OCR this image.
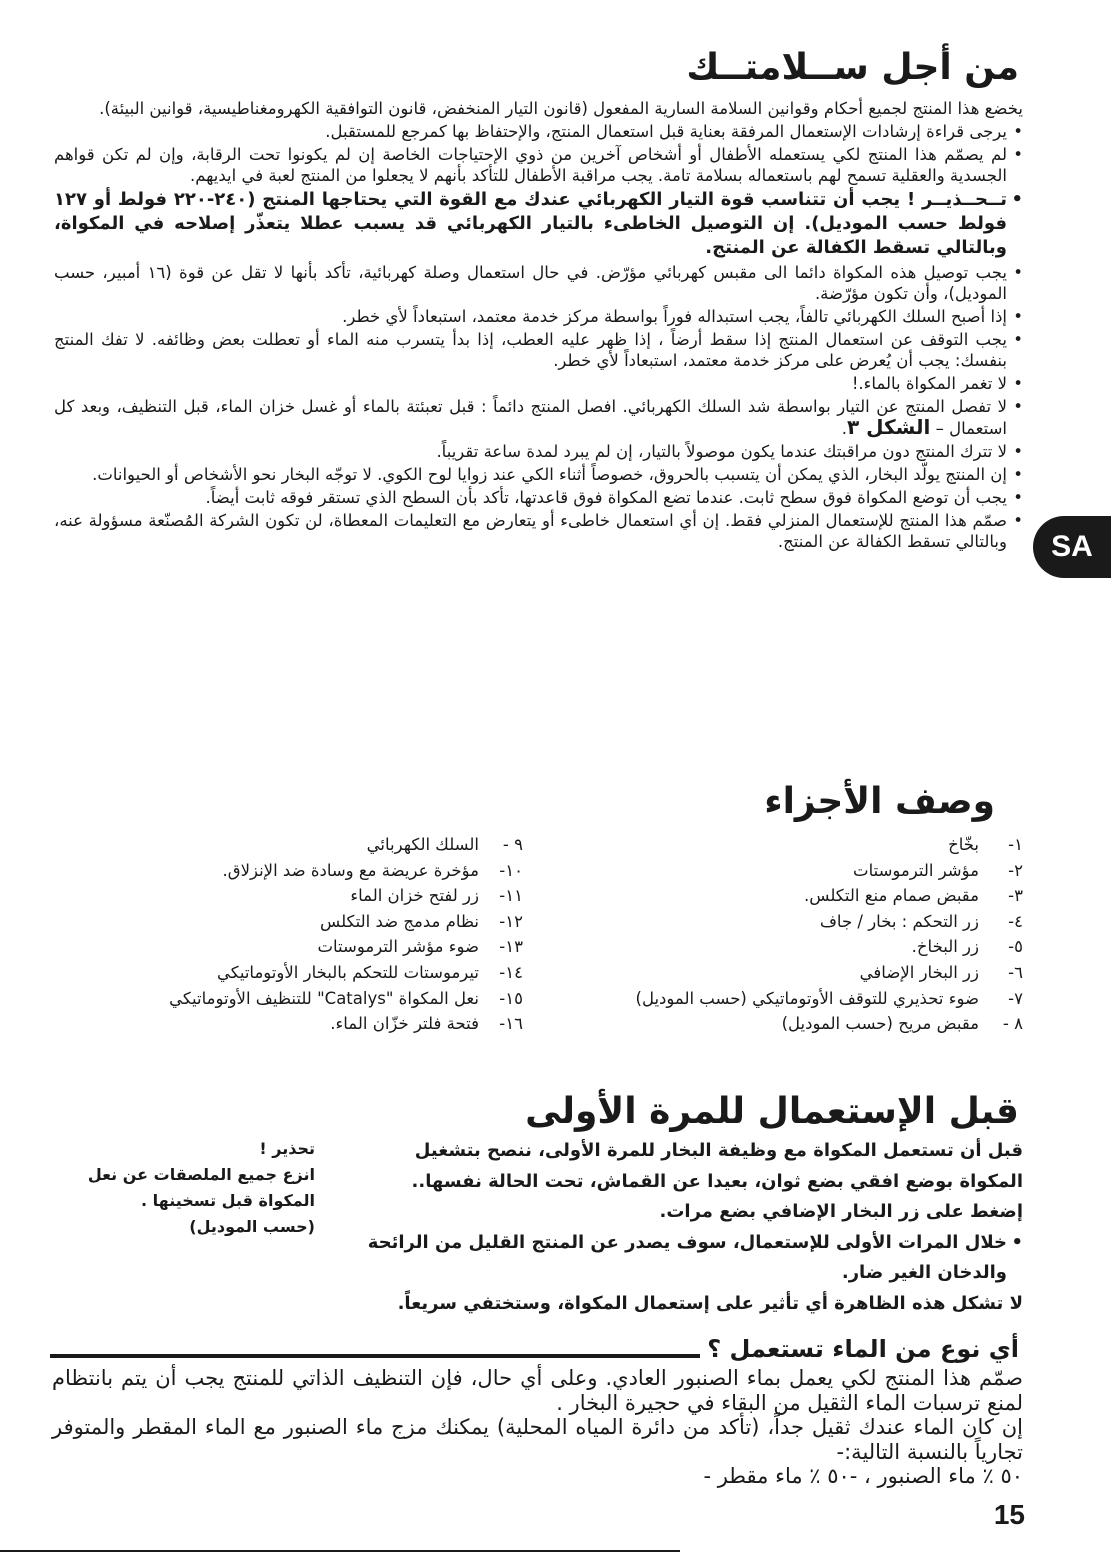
من أجل ســلامتــك

يخضع هذا المنتج لجميع أحكام وقوانين السلامة السارية المفعول (قانون التيار المنخفض، قانون التوافقية الكهرومغناطيسية، قوانين البيئة).

• يرجى قراءة إرشادات الإستعمال المرفقة بعناية قبل استعمال المنتج، والإحتفاظ بها كمرجع للمستقبل.

• لم يصمّم هذا المنتج لكي يستعمله الأطفال أو أشخاص آخرين من ذوي الإحتياجات الخاصة إن لم يكونوا تحت الرقابة، وإن لم تكن قواهم الجسدية والعقلية تسمح لهم باستعماله بسلامة تامة. يجب مراقبة الأطفال للتأكد بأنهم لا يجعلوا من المنتج لعبة في ايديهم.

• تــحــذيــر ! يجب أن تتناسب قوة التيار الكهربائي عندك مع القوة التي يحتاجها المنتج (٢٤٠-٢٢٠ فولط أو ١٢٧ فولط حسب الموديل). إن التوصيل الخاطىء بالتيار الكهربائي قد يسبب عطلا يتعذّر إصلاحه في المكواة، وبالتالي تسقط الكفالة عن المنتج.

• يجب توصيل هذه المكواة دائما الى مقبس كهربائي مؤرّض. في حال استعمال وصلة كهربائية، تأكد بأنها لا تقل عن قوة (١٦ أمبير، حسب الموديل)، وأن تكون مؤرّضة.

• إذا أصبح السلك الكهربائي تالفاً، يجب استبداله فوراً بواسطة مركز خدمة معتمد، استبعاداً لأي خطر.

• يجب التوقف عن استعمال المنتج إذا سقط أرضاً ، إذا ظهر عليه العطب، إذا بدأ يتسرب منه الماء أو تعطلت بعض وظائفه. لا تفك المنتج بنفسك: يجب أن يُعرض على مركز خدمة معتمد، استبعاداً لأي خطر.

• لا تغمر المكواة بالماء.!

• لا تفصل المنتج عن التيار بواسطة شد السلك الكهربائي. افصل المنتج دائماً : قبل تعبئتة بالماء أو غسل خزان الماء، قبل التنظيف، وبعد كل استعمال – الشكل ٣.

• لا تترك المنتج دون مراقبتك عندما يكون موصولاً بالتيار، إن لم يبرد لمدة ساعة تقريباً.

• إن المنتج يولّد البخار، الذي يمكن أن يتسبب بالحروق، خصوصاً أثناء الكي عند زوايا لوح الكوي. لا توجّه البخار نحو الأشخاص أو الحيوانات.

• يجب أن توضع المكواة فوق سطح ثابت. عندما تضع المكواة فوق قاعدتها، تأكد بأن السطح الذي تستقر فوقه ثابت أيضاً.

• صمّم هذا المنتج للإستعمال المنزلي فقط. إن أي استعمال خاطىء أو يتعارض مع التعليمات المعطاة، لن تكون الشركة المُصنّعة مسؤولة عنه، وبالتالي تسقط الكفالة عن المنتج.	SA
وصف الأجزاء
١-بخّاخ
٢-مؤشر الترموستات
٣-مقبض صمام منع التكلس.
٤-زر التحكم : بخار / جاف
٥-زر البخاخ.
٦-زر البخار الإضافي
٧-ضوء تحذيري للتوقف الأوتوماتيكي (حسب الموديل)
٨ -مقبض مريح (حسب الموديل)
٩ -السلك الكهربائي
١٠-مؤخرة عريضة مع وسادة ضد الإنزلاق.
١١-زر لفتح خزان الماء
١٢-نظام مدمج ضد التكلس
١٣-ضوء مؤشر الترموستات
١٤-تيرموستات للتحكم بالبخار الأوتوماتيكي
١٥-نعل المكواة "Catalys" للتنظيف الأوتوماتيكي
١٦-فتحة فلتر خزّان الماء.
قبل الإستعمال للمرة الأولى

قبل أن تستعمل المكواة مع وظيفة البخار للمرة الأولى، ننصح بتشغيل المكواة بوضع افقي بضع ثوان، بعيدا عن القماش، تحت الحالة نفسها.. إضغط على زر البخار الإضافي بضع مرات.

• خلال المرات الأولى للإستعمال، سوف يصدر عن المنتج القليل من الرائحة والدخان الغير ضار.

لا تشكل هذه الظاهرة أي تأثير على إستعمال المكواة، وستختفي سريعاً.

تحذير !

انزع جميع الملصقات عن نعل المكواة قبل تسخينها .

(حسب الموديل)

أي نوع من الماء تستعمل ؟

صمّم هذا المنتج لكي يعمل بماء الصنبور العادي. وعلى أي حال، فإن التنظيف الذاتي للمنتج يجب أن يتم بانتظام لمنع ترسبات الماء الثقيل من البقاء في حجيرة البخار .

إن كان الماء عندك ثقيل جداً، (تأكد من دائرة المياه المحلية) يمكنك مزج ماء الصنبور مع الماء المقطر والمتوفر تجارياً بالنسبة التالية:-

٥٠ ٪ ماء الصنبور ، -٥٠ ٪ ماء مقطر -

15
